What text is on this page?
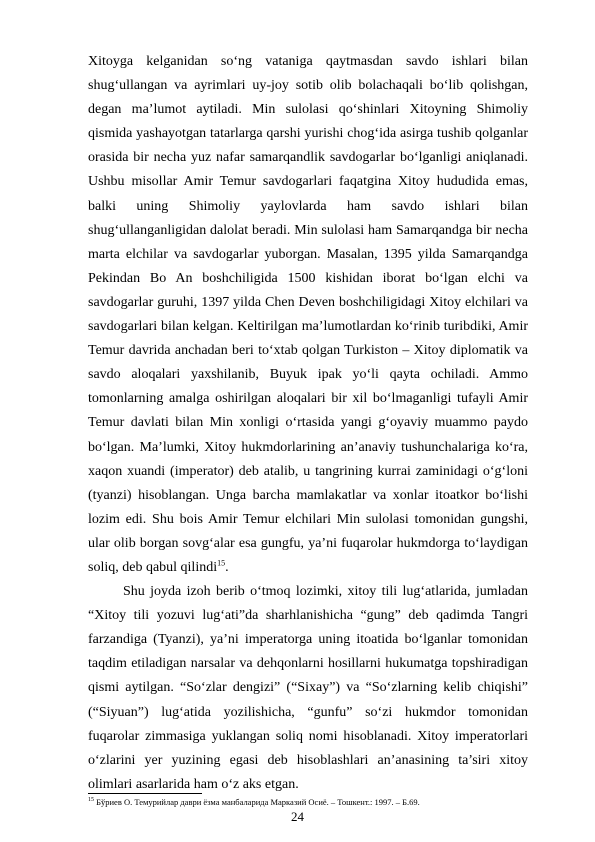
Xitoyga kelganidan so‘ng vataniga qaytmasdan savdo ishlari bilan shug‘ullangan va ayrimlari uy-joy sotib olib bolachaqali bo‘lib qolishgan, degan ma’lumot aytiladi. Min sulolasi qo‘shinlari Xitoyning Shimoliy qismida yashayotgan tatarlarga qarshi yurishi chog‘ida asirga tushib qolganlar orasida bir necha yuz nafar samarqandlik savdogarlar bo‘lganligi aniqlanadi. Ushbu misollar Amir Temur savdogarlari faqatgina Xitoy hududida emas, balki uning Shimoliy yaylovlarda ham savdo ishlari bilan shug‘ullanganligidan dalolat beradi. Min sulolasi ham Samarqandga bir necha marta elchilar va savdogarlar yuborgan. Masalan, 1395 yilda Samarqandga Pekindan Bo An boshchiligida 1500 kishidan iborat bo‘lgan elchi va savdogarlar guruhi, 1397 yilda Chen Deven boshchiligidagi Xitoy elchilari va savdogarlari bilan kelgan. Keltirilgan ma’lumotlardan ko‘rinib turibdiki, Amir Temur davrida anchadan beri to‘xtab qolgan Turkiston – Xitoy diplomatik va savdo aloqalari yaxshilanib, Buyuk ipak yo‘li qayta ochiladi. Ammo tomonlarning amalga oshirilgan aloqalari bir xil bo‘lmaganligi tufayli Amir Temur davlati bilan Min xonligi o‘rtasida yangi g‘oyaviy muammo paydo bo‘lgan. Ma’lumki, Xitoy hukmdorlarining an’anaviy tushunchalariga ko‘ra, xaqon xuandi (imperator) deb atalib, u tangrining kurrai zaminidagi o‘g‘loni (tyanzi) hisoblangan. Unga barcha mamlakatlar va xonlar itoatkor bo‘lishi lozim edi. Shu bois Amir Temur elchilari Min sulolasi tomonidan gungshi, ular olib borgan sovg‘alar esa gungfu, ya’ni fuqarolar hukmdorga to‘laydigan soliq, deb qabul qilindi$^{15}$.

Shu joyda izoh berib o‘tmoq lozimki, xitoy tili lug‘atlarida, jumladan “Xitoy tili yozuvi lug‘ati”da sharhlanishicha “gung” deb qadimda Tangri farzandiga (Tyanzi), ya’ni imperatorga uning itoatida bo‘lganlar tomonidan taqdim etiladigan narsalar va dehqonlarni hosillarni hukumatga topshiradigan qismi aytilgan. “So‘zlar dengizi” (“Sixay”) va “So‘zlarning kelib chiqishi” (“Siyuan”) lug‘atida yozilishicha, “gunfu” so‘zi hukmdor tomonidan fuqarolar zimmasiga yuklangan soliq nomi hisoblanadi. Xitoy imperatorlari o‘zlarini yer yuzining egasi deb hisoblashlari an’anasining ta’siri xitoy olimlari asarlarida ham o‘z aks etgan.

$^{15}$ Бўриев О. Темурийлар даври ёзма манбаларида Марказий Осиё. – Тошкент.: 1997. – Б.69.
24
